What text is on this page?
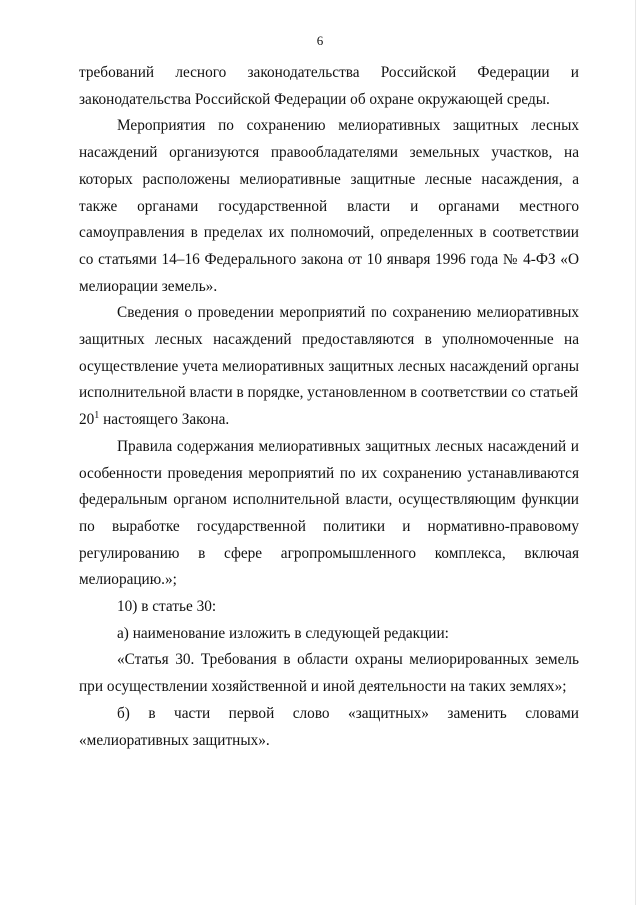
6

требований лесного законодательства Российской Федерации и законодательства Российской Федерации об охране окружающей среды.

Мероприятия по сохранению мелиоративных защитных лесных насаждений организуются правообладателями земельных участков, на которых расположены мелиоративные защитные лесные насаждения, а также органами государственной власти и органами местного самоуправления в пределах их полномочий, определенных в соответствии со статьями 14–16 Федерального закона от 10 января 1996 года № 4-ФЗ «О мелиорации земель».

Сведения о проведении мероприятий по сохранению мелиоративных защитных лесных насаждений предоставляются в уполномоченные на осуществление учета мелиоративных защитных лесных насаждений органы исполнительной власти в порядке, установленном в соответствии со статьей
$20^1$ настоящего Закона.

Правила содержания мелиоративных защитных лесных насаждений и особенности проведения мероприятий по их сохранению устанавливаются федеральным органом исполнительной власти, осуществляющим функции по выработке государственной политики и нормативно-правовому регулированию в сфере агропромышленного комплекса, включая мелиорацию.»;

10) в статье 30:

а) наименование изложить в следующей редакции:

«Статья 30. Требования в области охраны мелиорированных земель при осуществлении хозяйственной и иной деятельности на таких землях»;

б) в части первой слово «защитных» заменить словами «мелиоративных защитных».
